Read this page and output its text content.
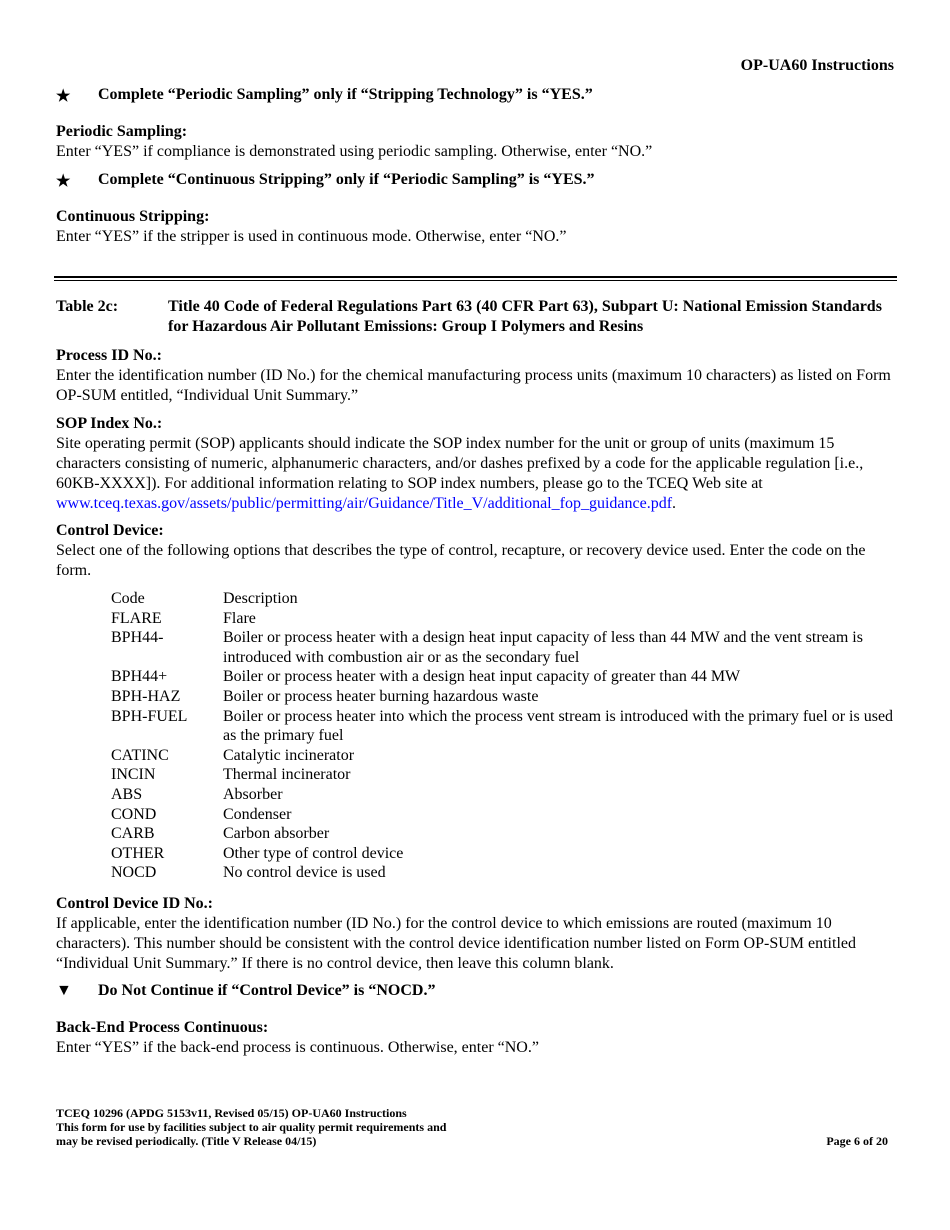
OP-UA60 Instructions
★	Complete “Periodic Sampling” only if “Stripping Technology” is “YES.”
Periodic Sampling:
Enter “YES” if compliance is demonstrated using periodic sampling. Otherwise, enter “NO.”
★	Complete “Continuous Stripping” only if “Periodic Sampling” is “YES.”
Continuous Stripping:
Enter “YES” if the stripper is used in continuous mode. Otherwise, enter “NO.”
Table 2c:	Title 40 Code of Federal Regulations Part 63 (40 CFR Part 63), Subpart U: National Emission Standards for Hazardous Air Pollutant Emissions: Group I Polymers and Resins
Process ID No.:
Enter the identification number (ID No.) for the chemical manufacturing process units (maximum 10 characters) as listed on Form OP-SUM entitled, “Individual Unit Summary.”
SOP Index No.:
Site operating permit (SOP) applicants should indicate the SOP index number for the unit or group of units (maximum 15 characters consisting of numeric, alphanumeric characters, and/or dashes prefixed by a code for the applicable regulation [i.e., 60KB-XXXX]). For additional information relating to SOP index numbers, please go to the TCEQ Web site at www.tceq.texas.gov/assets/public/permitting/air/Guidance/Title_V/additional_fop_guidance.pdf.
Control Device:
Select one of the following options that describes the type of control, recapture, or recovery device used. Enter the code on the form.
Code	Description
FLARE	Flare
BPH44-	Boiler or process heater with a design heat input capacity of less than 44 MW and the vent stream is introduced with combustion air or as the secondary fuel
BPH44+	Boiler or process heater with a design heat input capacity of greater than 44 MW
BPH-HAZ	Boiler or process heater burning hazardous waste
BPH-FUEL	Boiler or process heater into which the process vent stream is introduced with the primary fuel or is used as the primary fuel
CATINC	Catalytic incinerator
INCIN	Thermal incinerator
ABS	Absorber
COND	Condenser
CARB	Carbon absorber
OTHER	Other type of control device
NOCD	No control device is used
Control Device ID No.:
If applicable, enter the identification number (ID No.) for the control device to which emissions are routed (maximum 10 characters). This number should be consistent with the control device identification number listed on Form OP-SUM entitled “Individual Unit Summary.” If there is no control device, then leave this column blank.
▼	Do Not Continue if “Control Device” is “NOCD.”
Back-End Process Continuous:
Enter “YES” if the back-end process is continuous. Otherwise, enter “NO.”
TCEQ 10296 (APDG 5153v11, Revised 05/15) OP-UA60 Instructions
This form for use by facilities subject to air quality permit requirements and
may be revised periodically. (Title V Release 04/15)	Page 6 of 20
